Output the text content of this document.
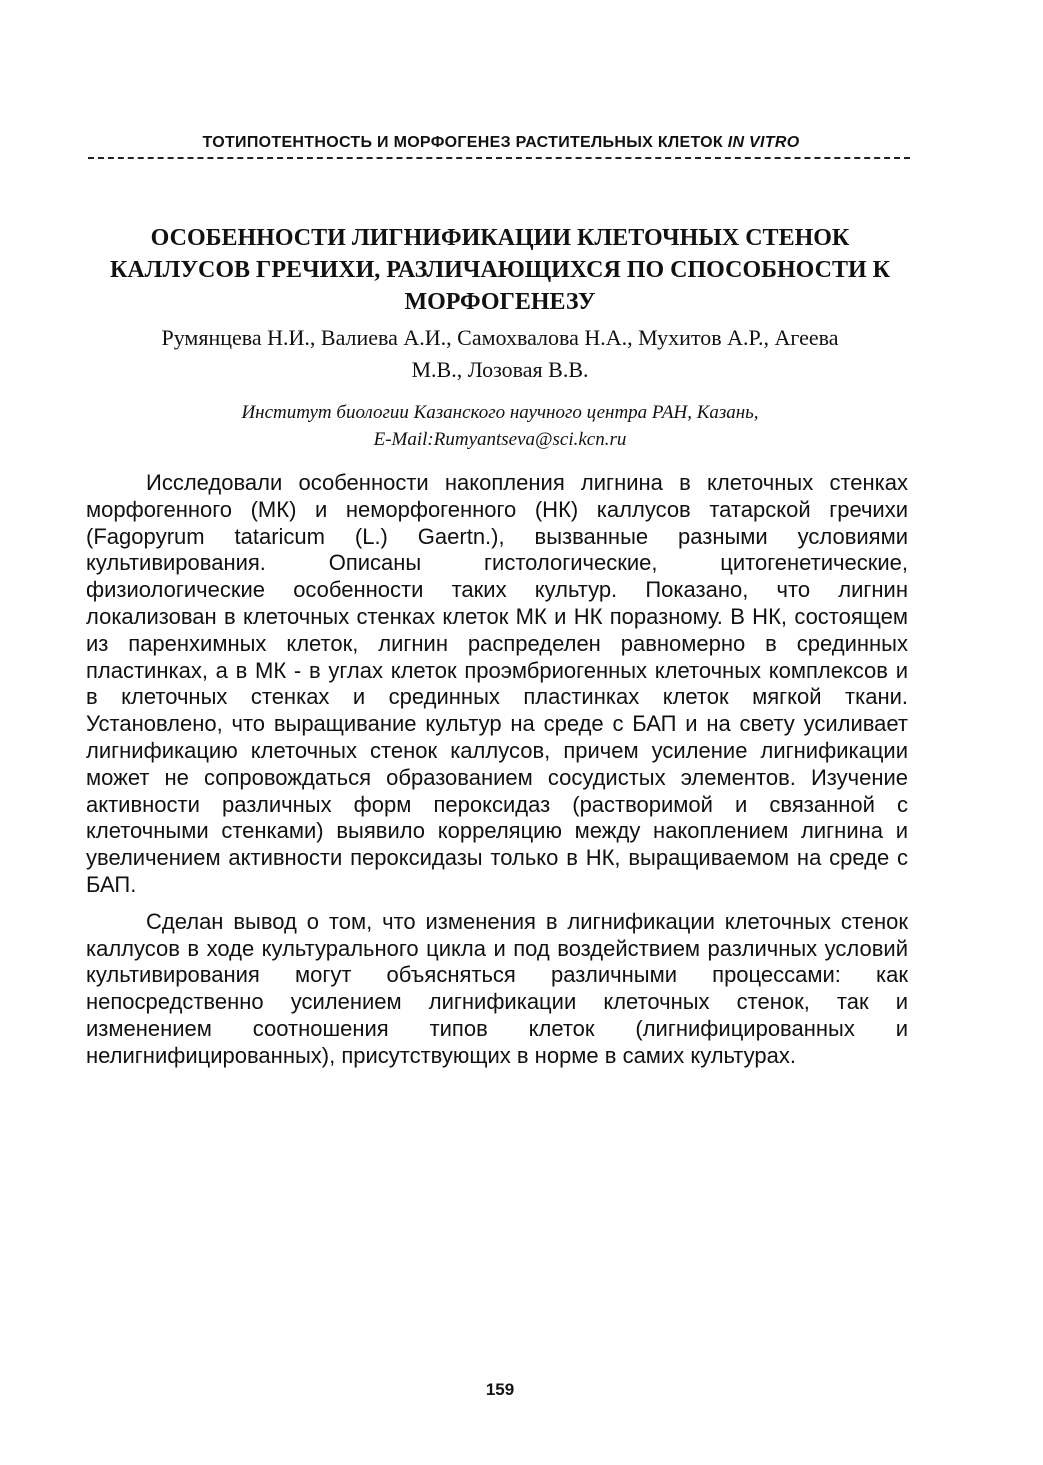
ТОТИПОТЕНТНОСТЬ И МОРФОГЕНЕЗ РАСТИТЕЛЬНЫХ КЛЕТОК IN VITRO
ОСОБЕННОСТИ ЛИГНИФИКАЦИИ КЛЕТОЧНЫХ СТЕНОК
КАЛЛУСОВ ГРЕЧИХИ, РАЗЛИЧАЮЩИХСЯ ПО СПОСОБНОСТИ К
МОРФОГЕНЕЗУ
Румянцева Н.И., Валиева А.И., Самохвалова Н.А., Мухитов А.Р., Агеева
М.В., Лозовая В.В.
Институт биологии Казанского научного центра РАН, Казань,
E-Mail:Rumyantseva@sci.kcn.ru

Исследовали особенности накопления лигнина в клеточных стенках морфогенного (МК) и неморфогенного (НК) каллусов татарской гречихи (Fagopyrum tataricum (L.) Gaertn.), вызванные разными условиями культивирования. Описаны гистологические, цитогенетические, физиологические особенности таких культур. Показано, что лигнин локализован в клеточных стенках клеток МК и НК поразному. В НК, состоящем из паренхимных клеток, лигнин распределен равномерно в срединных пластинках, а в МК - в углах клеток проэмбриогенных клеточных комплексов и в клеточных стенках и срединных пластинках клеток мягкой ткани. Установлено, что выращивание культур на среде с БАП и на свету усиливает лигнификацию клеточных стенок каллусов, причем усиление лигнификации может не сопровождаться образованием сосудистых элементов. Изучение активности различных форм пероксидаз (растворимой и связанной с клеточными стенками) выявило корреляцию между накоплением лигнина и увеличением активности пероксидазы только в НК, выращиваемом на среде с БАП.

Сделан вывод о том, что изменения в лигнификации клеточных стенок каллусов в ходе культурального цикла и под воздействием различных условий культивирования могут объясняться различными процессами: как непосредственно усилением лигнификации клеточных стенок, так и изменением соотношения типов клеток (лигнифицированных и нелигнифицированных), присутствующих в норме в самих культурах.

159
